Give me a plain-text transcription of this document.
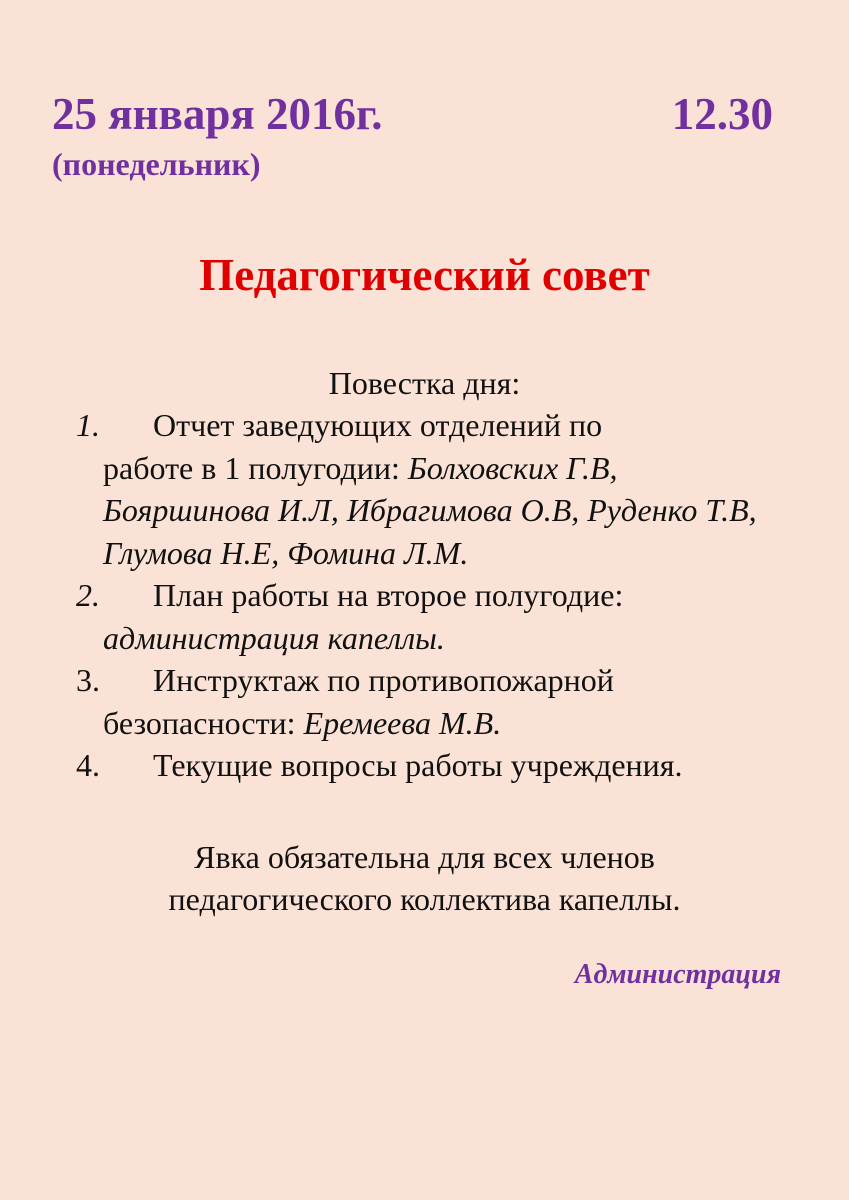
25 января 2016г.	12.30
(понедельник)
Педагогический совет
Повестка дня:
1.	Отчет заведующих отделений по
работе в 1 полугодии: Болховских Г.В, Бояршинова И.Л, Ибрагимова О.В, Руденко Т.В, Глумова Н.Е, Фомина Л.М.
2.	План работы на второе полугодие:
администрация капеллы.
3.	Инструктаж по противопожарной
безопасности: Еремеева М.В.
4.	Текущие вопросы работы учреждения.
Явка обязательна для всех членов
педагогического коллектива капеллы.
Администрация
